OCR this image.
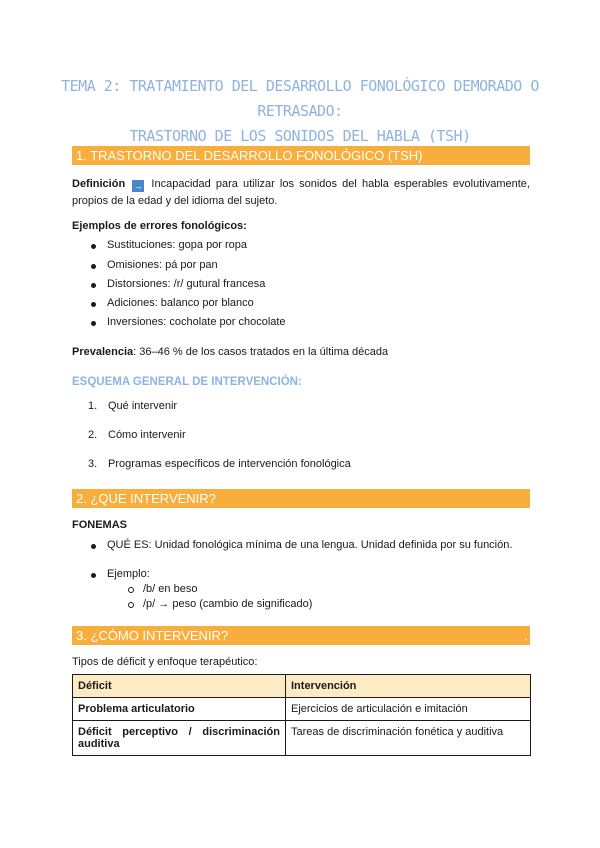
TEMA 2: TRATAMIENTO DEL DESARROLLO FONOLÓGICO DEMORADO O RETRASADO:
TRASTORNO DE LOS SONIDOS DEL HABLA (TSH)
1. TRASTORNO DEL DESARROLLO FONOLÓGICO (TSH)
Definición → Incapacidad para utilizar los sonidos del habla esperables evolutivamente, propios de la edad y del idioma del sujeto.
Ejemplos de errores fonológicos:
Sustituciones: gopa por ropa
Omisiones: pá por pan
Distorsiones: /r/ gutural francesa
Adiciones: balanco por blanco
Inversiones: cocholate por chocolate
Prevalencia: 36–46 % de los casos tratados en la última década
ESQUEMA GENERAL DE INTERVENCIÓN:
1. Qué intervenir
2. Cómo intervenir
3. Programas específicos de intervención fonológica
2. ¿QUE INTERVENIR?
FONEMAS
QUÉ ES: Unidad fonológica mínima de una lengua. Unidad definida por su función.
Ejemplo:
/b/ en beso
/p/ → peso (cambio de significado)
3. ¿CÓMO INTERVENIR?	.
Tipos de déficit y enfoque terapéutico:
Déficit	Intervención
Problema articulatorio	Ejercicios de articulación e imitación
Déficit perceptivo / discriminación auditiva	Tareas de discriminación fonética y auditiva
